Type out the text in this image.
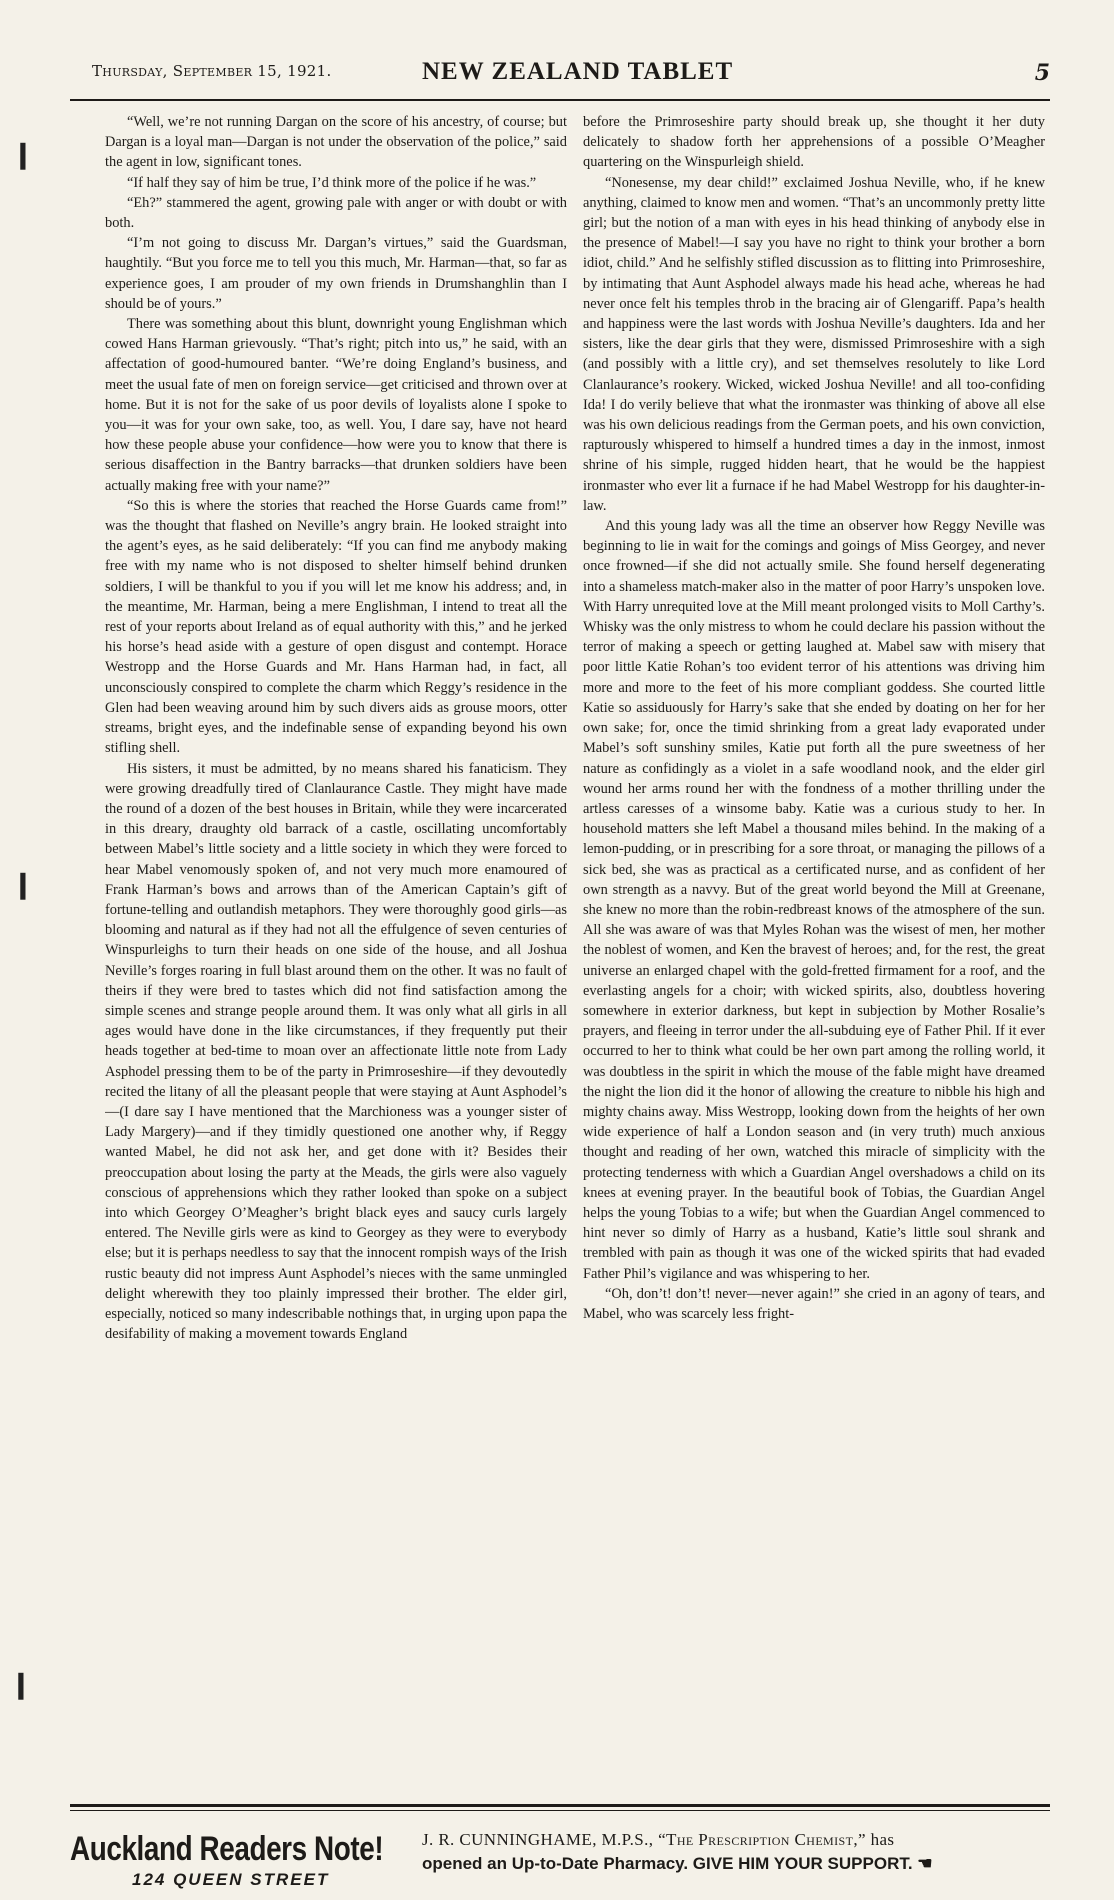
Thursday, September 15, 1921.	NEW ZEALAND TABLET	5

“Well, we’re not running Dargan on the score of his ancestry, of course; but Dargan is a loyal man—Dargan is not under the observation of the police,” said the agent in low, significant tones.

“If half they say of him be true, I’d think more of the police if he was.”

“Eh?” stammered the agent, growing pale with anger or with doubt or with both.

“I’m not going to discuss Mr. Dargan’s virtues,” said the Guardsman, haughtily. “But you force me to tell you this much, Mr. Harman—that, so far as experience goes, I am prouder of my own friends in Drumshanghlin than I should be of yours.”

There was something about this blunt, downright young Englishman which cowed Hans Harman grievously. “That’s right; pitch into us,” he said, with an affectation of good-humoured banter. “We’re doing England’s business, and meet the usual fate of men on foreign service—get criticised and thrown over at home. But it is not for the sake of us poor devils of loyalists alone I spoke to you—it was for your own sake, too, as well. You, I dare say, have not heard how these people abuse your confidence—how were you to know that there is serious disaffection in the Bantry barracks—that drunken soldiers have been actually making free with your name?”

“So this is where the stories that reached the Horse Guards came from!” was the thought that flashed on Neville’s angry brain. He looked straight into the agent’s eyes, as he said deliberately: “If you can find me anybody making free with my name who is not disposed to shelter himself behind drunken soldiers, I will be thankful to you if you will let me know his address; and, in the meantime, Mr. Harman, being a mere Englishman, I intend to treat all the rest of your reports about Ireland as of equal authority with this,” and he jerked his horse’s head aside with a gesture of open disgust and contempt. Horace Westropp and the Horse Guards and Mr. Hans Harman had, in fact, all unconsciously conspired to complete the charm which Reggy’s residence in the Glen had been weaving around him by such divers aids as grouse moors, otter streams, bright eyes, and the indefinable sense of expanding beyond his own stifling shell.

His sisters, it must be admitted, by no means shared his fanaticism. They were growing dreadfully tired of Clanlaurance Castle. They might have made the round of a dozen of the best houses in Britain, while they were incarcerated in this dreary, draughty old barrack of a castle, oscillating uncomfortably between Mabel’s little society and a little society in which they were forced to hear Mabel venomously spoken of, and not very much more enamoured of Frank Harman’s bows and arrows than of the American Captain’s gift of fortune-telling and outlandish metaphors. They were thoroughly good girls—as blooming and natural as if they had not all the effulgence of seven centuries of Winspurleighs to turn their heads on one side of the house, and all Joshua Neville’s forges roaring in full blast around them on the other. It was no fault of theirs if they were bred to tastes which did not find satisfaction among the simple scenes and strange people around them. It was only what all girls in all ages would have done in the like circumstances, if they frequently put their heads together at bed-time to moan over an affectionate little note from Lady Asphodel pressing them to be of the party in Primroseshire—if they devoutedly recited the litany of all the pleasant people that were staying at Aunt Asphodel’s—(I dare say I have mentioned that the Marchioness was a younger sister of Lady Margery)—and if they timidly questioned one another why, if Reggy wanted Mabel, he did not ask her, and get done with it? Besides their preoccupation about losing the party at the Meads, the girls were also vaguely conscious of apprehensions which they rather looked than spoke on a subject into which Georgey O’Meagher’s bright black eyes and saucy curls largely entered. The Neville girls were as kind to Georgey as they were to everybody else; but it is perhaps needless to say that the innocent rompish ways of the Irish rustic beauty did not impress Aunt Asphodel’s nieces with the same unmingled delight wherewith they too plainly impressed their brother. The elder girl, especially, noticed so many indescribable nothings that, in urging upon papa the desifability of making a movement towards England

before the Primroseshire party should break up, she thought it her duty delicately to shadow forth her apprehensions of a possible O’Meagher quartering on the Winspurleigh shield.

“Nonesense, my dear child!” exclaimed Joshua Neville, who, if he knew anything, claimed to know men and women. “That’s an uncommonly pretty litte girl; but the notion of a man with eyes in his head thinking of anybody else in the presence of Mabel!—I say you have no right to think your brother a born idiot, child.” And he selfishly stifled discussion as to flitting into Primroseshire, by intimating that Aunt Asphodel always made his head ache, whereas he had never once felt his temples throb in the bracing air of Glengariff. Papa’s health and happiness were the last words with Joshua Neville’s daughters. Ida and her sisters, like the dear girls that they were, dismissed Primroseshire with a sigh (and possibly with a little cry), and set themselves resolutely to like Lord Clanlaurance’s rookery. Wicked, wicked Joshua Neville! and all too-confiding Ida! I do verily believe that what the ironmaster was thinking of above all else was his own delicious readings from the German poets, and his own conviction, rapturously whispered to himself a hundred times a day in the inmost, inmost shrine of his simple, rugged hidden heart, that he would be the happiest ironmaster who ever lit a furnace if he had Mabel Westropp for his daughter-in-law.

And this young lady was all the time an observer how Reggy Neville was beginning to lie in wait for the comings and goings of Miss Georgey, and never once frowned—if she did not actually smile. She found herself degenerating into a shameless match-maker also in the matter of poor Harry’s unspoken love. With Harry unrequited love at the Mill meant prolonged visits to Moll Carthy’s. Whisky was the only mistress to whom he could declare his passion without the terror of making a speech or getting laughed at. Mabel saw with misery that poor little Katie Rohan’s too evident terror of his attentions was driving him more and more to the feet of his more compliant goddess. She courted little Katie so assiduously for Harry’s sake that she ended by doating on her for her own sake; for, once the timid shrinking from a great lady evaporated under Mabel’s soft sunshiny smiles, Katie put forth all the pure sweetness of her nature as confidingly as a violet in a safe woodland nook, and the elder girl wound her arms round her with the fondness of a mother thrilling under the artless caresses of a winsome baby. Katie was a curious study to her. In household matters she left Mabel a thousand miles behind. In the making of a lemon-pudding, or in prescribing for a sore throat, or managing the pillows of a sick bed, she was as practical as a certificated nurse, and as confident of her own strength as a navvy. But of the great world beyond the Mill at Greenane, she knew no more than the robin-redbreast knows of the atmosphere of the sun. All she was aware of was that Myles Rohan was the wisest of men, her mother the noblest of women, and Ken the bravest of heroes; and, for the rest, the great universe an enlarged chapel with the gold-fretted firmament for a roof, and the everlasting angels for a choir; with wicked spirits, also, doubtless hovering somewhere in exterior darkness, but kept in subjection by Mother Rosalie’s prayers, and fleeing in terror under the all-subduing eye of Father Phil. If it ever occurred to her to think what could be her own part among the rolling world, it was doubtless in the spirit in which the mouse of the fable might have dreamed the night the lion did it the honor of allowing the creature to nibble his high and mighty chains away. Miss Westropp, looking down from the heights of her own wide experience of half a London season and (in very truth) much anxious thought and reading of her own, watched this miracle of simplicity with the protecting tenderness with which a Guardian Angel overshadows a child on its knees at evening prayer. In the beautiful book of Tobias, the Guardian Angel helps the young Tobias to a wife; but when the Guardian Angel commenced to hint never so dimly of Harry as a husband, Katie’s little soul shrank and trembled with pain as though it was one of the wicked spirits that had evaded Father Phil’s vigilance and was whispering to her.

“Oh, don’t! don’t! never—never again!” she cried in an agony of tears, and Mabel, who was scarcely less fright-

Auckland Readers Note!
124 QUEEN STREET
J. R. CUNNINGHAME, M.P.S., “The Prescription Chemist,” has
opened an Up-to-Date Pharmacy. GIVE HIM YOUR SUPPORT. ☚
❙
❙
❙
